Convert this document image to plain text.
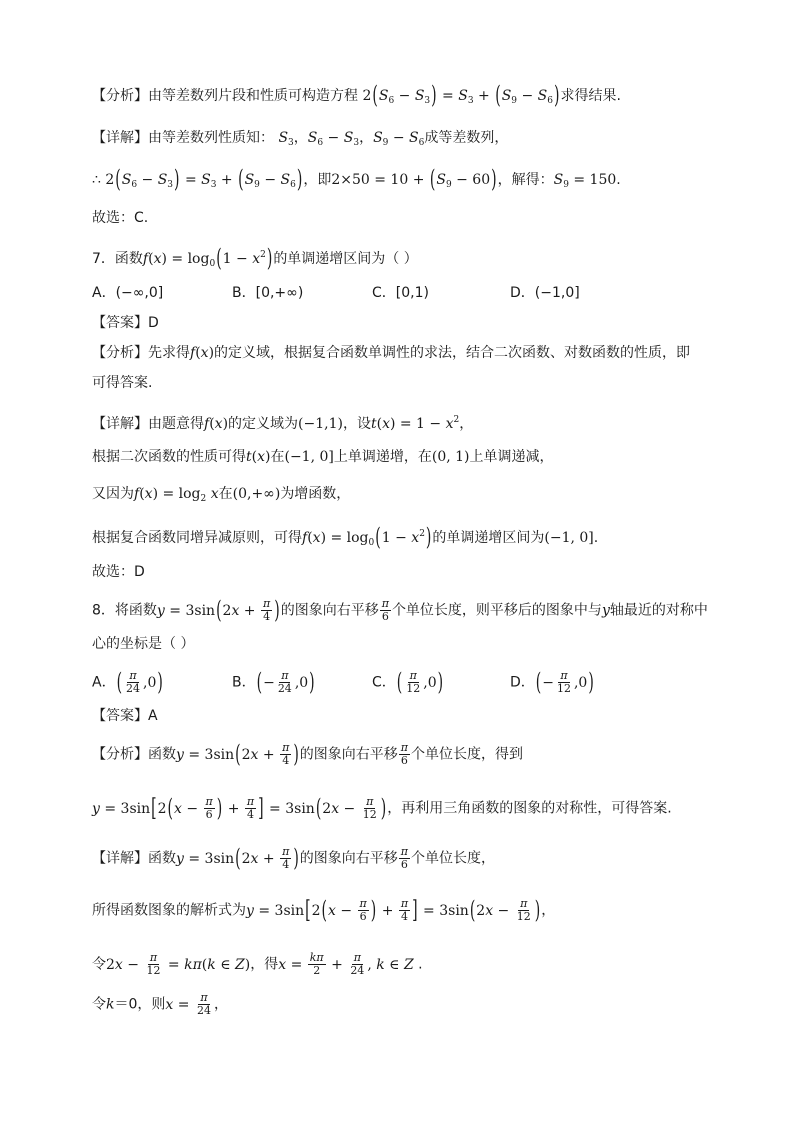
【分析】由等差数列片段和性质可构造方程 $2(S_6 - S_3) = S_3 + (S_9 - S_6)$求得结果.
【详解】由等差数列性质知： $S_3$，$S_6 - S_3$，$S_9 - S_6$成等差数列，
∴ $2(S_6 - S_3) = S_3 + (S_9 - S_6)$，即$2\times 50 = 10 + (S_9 - 60)$，解得：$S_9 = 150$.
故选：C.
7．函数$f(x) = \log_0(1 - x^2)$的单调递增区间为（ ）
A．(−∞,0]	B．[0,+∞)	C．[0,1)	D．(−1,0]
【答案】D
【分析】先求得f(x)的定义域，根据复合函数单调性的求法，结合二次函数、对数函数的性质，即
可得答案.
【详解】由题意得f(x)的定义域为(−1,1)，设$t(x) = 1 - x^2$，
根据二次函数的性质可得t(x)在(−1, 0]上单调递增，在(0, 1)上单调递减，
又因为$f(x) = \log_2 x$在(0,+∞)为增函数，
根据复合函数同增异减原则，可得$f(x) = \log_0(1 - x^2)$的单调递增区间为(−1, 0].
故选：D
8．将函数$y = 3\sin(2x + \frac{\pi}{4}$ )的图象向右平移 $\frac{\pi}{6}$ 个单位长度，则平移后的图象中与y轴最近的对称中
心的坐标是（ ）
A．( $\frac{\pi}{24} ,0$)	B．(− $\frac{\pi}{24} ,0$)	C．( $\frac{\pi}{12} ,0$)	D．(− $\frac{\pi}{12} ,0$)
【答案】A
【分析】函数$y = 3\sin(2x + \frac{\pi}{4}$ )的图象向右平移 $\frac{\pi}{6}$ 个单位长度，得到
$y = 3\sin[2(x - \frac{\pi}{6}$ ) + $\frac{\pi}{4}$ ] = $3\sin(2x - \frac{\pi}{12}$ )，再利用三角函数的图象的对称性，可得答案.
【详解】函数$y = 3\sin(2x + \frac{\pi}{4}$ )的图象向右平移 $\frac{\pi}{6}$ 个单位长度，
所得函数图象的解析式为$y = 3\sin[2(x - \frac{\pi}{6}$ ) + $\frac{\pi}{4}$ ] = $3\sin(2x - \frac{\pi}{12}$ )，
令$2x - \frac{\pi}{12} = k\pi(k$ ∈ Z)，得$x = \frac{k\pi}{2} + \frac{\pi}{24}$ , k ∈ Z .
令k＝0，则$x = \frac{\pi}{24}$ ，
